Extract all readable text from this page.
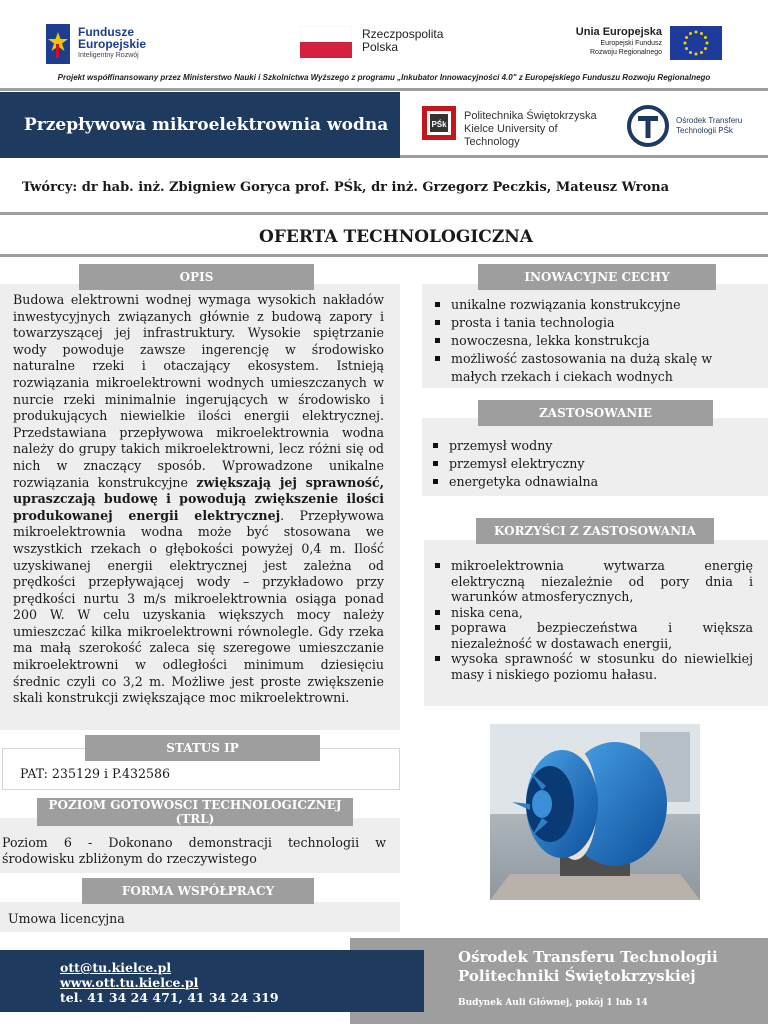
Fundusze
Europejskie
Inteligentny Rozwój
Rzeczpospolita
Polska
Unia Europejska
Europejski Fundusz
Rozwoju Regionalnego
Projekt współfinansowany przez Ministerstwo Nauki i Szkolnictwa Wyższego z programu „Inkubator Innowacyjności 4.0" z Europejskiego Funduszu Rozwoju Regionalnego
Przepływowa mikroelektrownia wodna	PŚk
Politechnika Świętokrzyska
Kielce University of Technology
Ośrodek Transferu
Technologii PŚk
Twórcy: dr hab. inż. Zbigniew Goryca prof. PŚk, dr inż. Grzegorz Peczkis, Mateusz Wrona
OFERTA TECHNOLOGICZNA
OPIS
Budowa elektrowni wodnej wymaga wysokich nakładów inwestycyjnych związanych głównie z budową zapory i towarzyszącej jej infrastruktury. Wysokie spiętrzanie wody powoduje zawsze ingerencję w środowisko naturalne rzeki i otaczający ekosystem. Istnieją rozwiązania mikroelektrowni wodnych umieszczanych w nurcie rzeki minimalnie ingerujących w środowisko i produkujących niewielkie ilości energii elektrycznej. Przedstawiana przepływowa mikroelektrownia wodna należy do grupy takich mikroelektrowni, lecz różni się od nich w znaczący sposób. Wprowadzone unikalne rozwiązania konstrukcyjne zwiększają jej sprawność, upraszczają budowę i powodują zwiększenie ilości produkowanej energii elektrycznej. Przepływowa mikroelektrownia wodna może być stosowana we wszystkich rzekach o głębokości powyżej 0,4 m. Ilość uzyskiwanej energii elektrycznej jest zależna od prędkości przepływającej wody – przykładowo przy prędkości nurtu 3 m/s mikroelektrownia osiąga ponad 200 W. W celu uzyskania większych mocy należy umieszczać kilka mikroelektrowni równolegle. Gdy rzeka ma małą szerokość zaleca się szeregowe umieszczanie mikroelektrowni w odległości minimum dziesięciu średnic czyli co 3,2 m. Możliwe jest proste zwiększenie skali konstrukcji zwiększające moc mikroelektrowni.
STATUS IP
PAT: 235129 i P.432586
POZIOM GOTOWOSCI TECHNOLOGICZNEJ (TRL)
Poziom 6 - Dokonano demonstracji technologii w środowisku zbliżonym do rzeczywistego
FORMA WSPÓŁPRACY
Umowa licencyjna
INOWACYJNE CECHY
unikalne rozwiązania konstrukcyjne
prosta i tania technologia
nowoczesna, lekka konstrukcja
możliwość zastosowania na dużą skalę w małych rzekach i ciekach wodnych
ZASTOSOWANIE
przemysł wodny
przemysł elektryczny
energetyka odnawialna
KORZYŚCI Z ZASTOSOWANIA
mikroelektrownia wytwarza energię elektryczną niezależnie od pory dnia i warunków atmosferycznych,
niska cena,
poprawa bezpieczeństwa i większa niezależność w dostawach energii,
wysoka sprawność w stosunku do niewielkiej masy i niskiego poziomu hałasu.
Ośrodek Transferu Technologii
Politechniki Świętokrzyskiej
Budynek Auli Głównej, pokój 1 lub 14
ott@tu.kielce.pl
www.ott.tu.kielce.pl
tel. 41 34 24 471, 41 34 24 319
